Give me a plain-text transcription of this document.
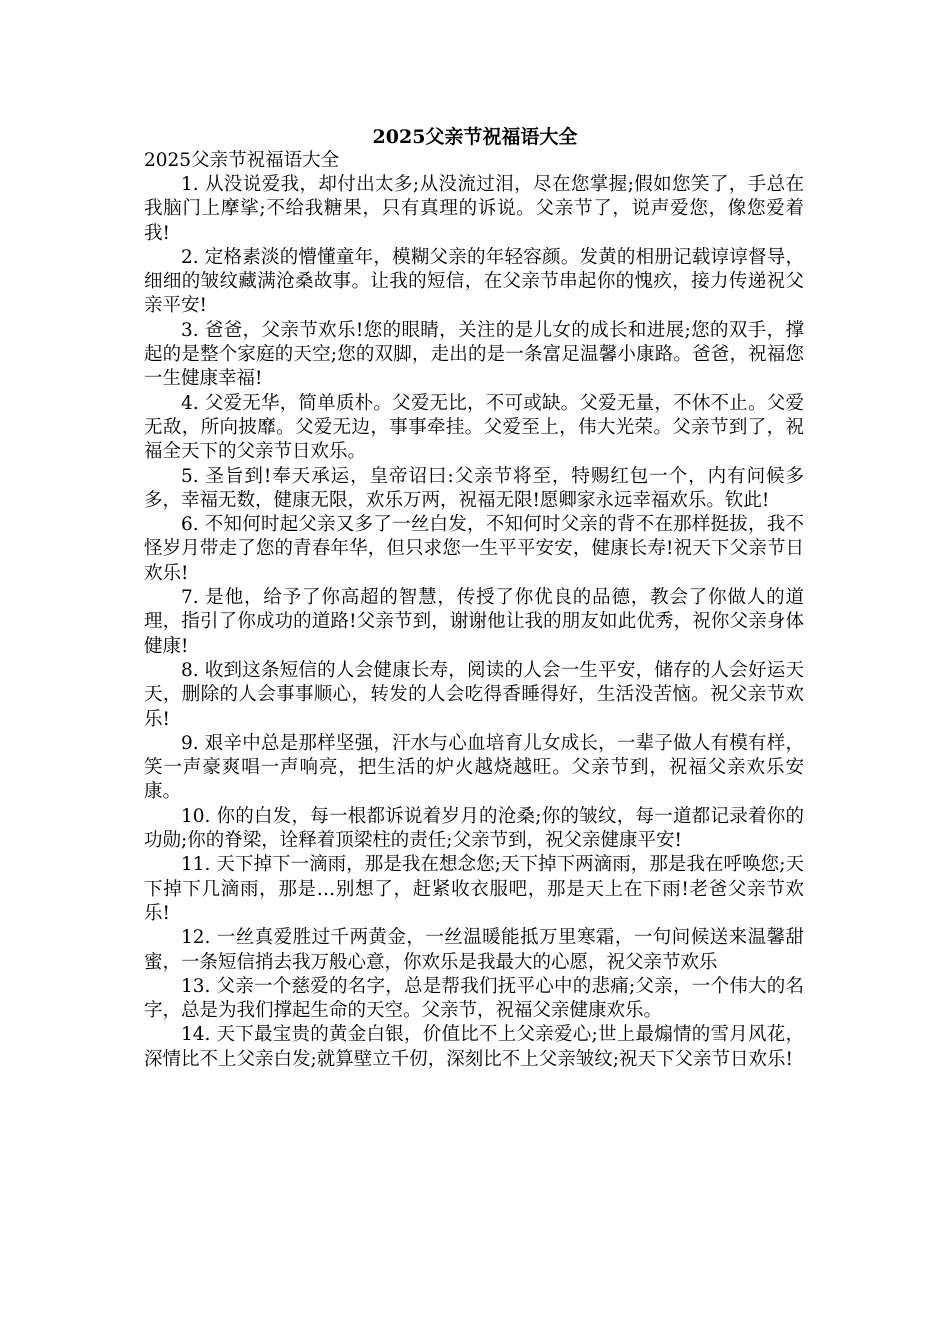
2025父亲节祝福语大全

2025父亲节祝福语大全

1. 从没说爱我，却付出太多;从没流过泪，尽在您掌握;假如您笑了，手总在我脑门上摩挲;不给我糖果，只有真理的诉说。父亲节了，说声爱您，像您爱着我!

2. 定格素淡的懵懂童年，模糊父亲的年轻容颜。发黄的相册记载谆谆督导，细细的皱纹藏满沧桑故事。让我的短信，在父亲节串起你的愧疚，接力传递祝父亲平安!

3. 爸爸，父亲节欢乐!您的眼睛，关注的是儿女的成长和进展;您的双手，撑起的是整个家庭的天空;您的双脚，走出的是一条富足温馨小康路。爸爸，祝福您一生健康幸福!

4. 父爱无华，简单质朴。父爱无比，不可或缺。父爱无量，不休不止。父爱无敌，所向披靡。父爱无边，事事牵挂。父爱至上，伟大光荣。父亲节到了，祝福全天下的父亲节日欢乐。

5. 圣旨到!奉天承运，皇帝诏曰:父亲节将至，特赐红包一个，内有问候多多，幸福无数，健康无限，欢乐万两，祝福无限!愿卿家永远幸福欢乐。钦此!

6. 不知何时起父亲又多了一丝白发，不知何时父亲的背不在那样挺拔，我不怪岁月带走了您的青春年华，但只求您一生平平安安，健康长寿!祝天下父亲节日欢乐!

7. 是他，给予了你高超的智慧，传授了你优良的品德，教会了你做人的道理，指引了你成功的道路!父亲节到，谢谢他让我的朋友如此优秀，祝你父亲身体健康!

8. 收到这条短信的人会健康长寿，阅读的人会一生平安，储存的人会好运天天，删除的人会事事顺心，转发的人会吃得香睡得好，生活没苦恼。祝父亲节欢乐!

9. 艰辛中总是那样坚强，汗水与心血培育儿女成长，一辈子做人有模有样，笑一声豪爽唱一声响亮，把生活的炉火越烧越旺。父亲节到，祝福父亲欢乐安康。

10. 你的白发，每一根都诉说着岁月的沧桑;你的皱纹，每一道都记录着你的功勋;你的脊梁，诠释着顶梁柱的责任;父亲节到，祝父亲健康平安!

11. 天下掉下一滴雨，那是我在想念您;天下掉下两滴雨，那是我在呼唤您;天下掉下几滴雨，那是…别想了，赶紧收衣服吧，那是天上在下雨!老爸父亲节欢乐!

12. 一丝真爱胜过千两黄金，一丝温暖能抵万里寒霜，一句问候送来温馨甜蜜，一条短信捎去我万般心意，你欢乐是我最大的心愿，祝父亲节欢乐

13. 父亲一个慈爱的名字，总是帮我们抚平心中的悲痛;父亲，一个伟大的名字，总是为我们撑起生命的天空。父亲节，祝福父亲健康欢乐。

14. 天下最宝贵的黄金白银，价值比不上父亲爱心;世上最煽情的雪月风花，深情比不上父亲白发;就算壁立千仞，深刻比不上父亲皱纹;祝天下父亲节日欢乐!
